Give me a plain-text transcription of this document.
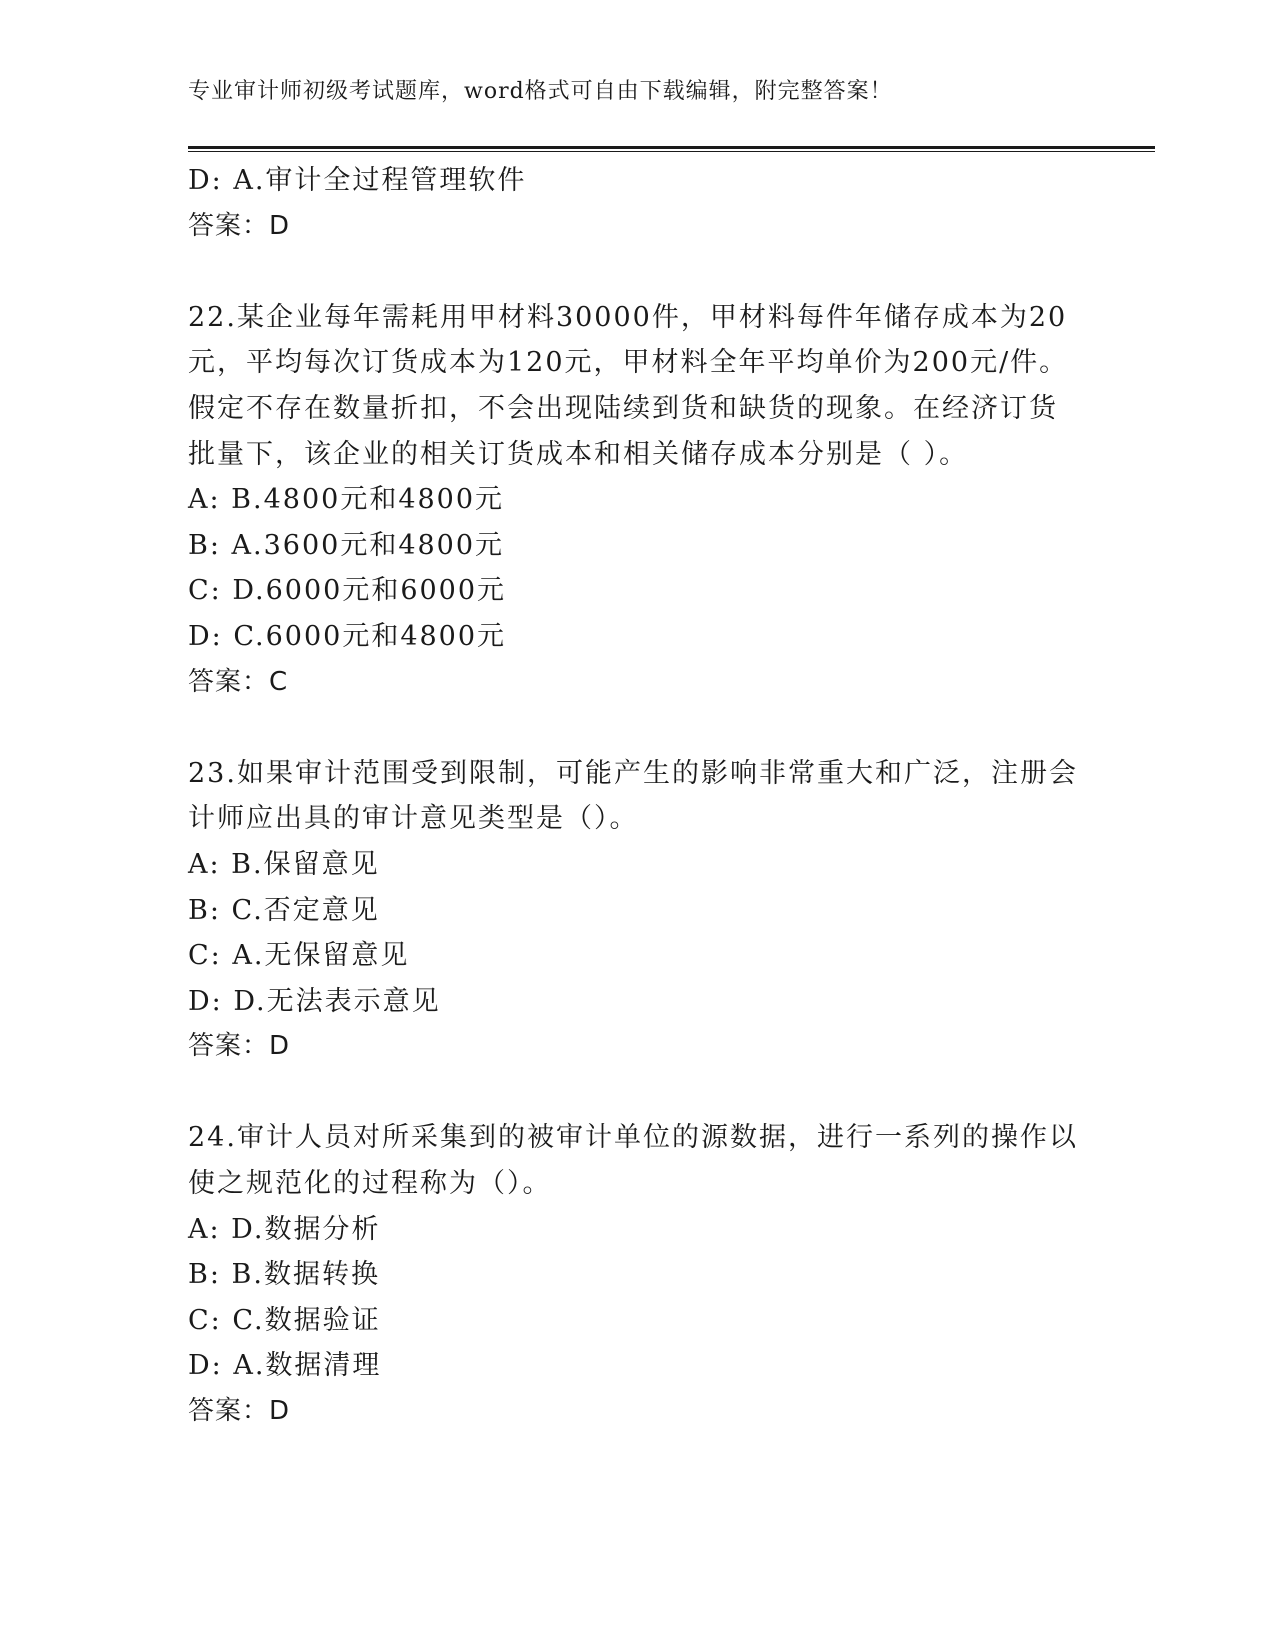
专业审计师初级考试题库，word格式可自由下载编辑，附完整答案！
D: A.审计全过程管理软件
答案：D
22.某企业每年需耗用甲材料30000件，甲材料每件年储存成本为20
元，平均每次订货成本为120元，甲材料全年平均单价为200元/件。
假定不存在数量折扣，不会出现陆续到货和缺货的现象。在经济订货
批量下，该企业的相关订货成本和相关储存成本分别是（ ）。
A: B.4800元和4800元
B: A.3600元和4800元
C: D.6000元和6000元
D: C.6000元和4800元
答案：C
23.如果审计范围受到限制，可能产生的影响非常重大和广泛，注册会
计师应出具的审计意见类型是（）。
A: B.保留意见
B: C.否定意见
C: A.无保留意见
D: D.无法表示意见
答案：D
24.审计人员对所采集到的被审计单位的源数据，进行一系列的操作以
使之规范化的过程称为（）。
A: D.数据分析
B: B.数据转换
C: C.数据验证
D: A.数据清理
答案：D
